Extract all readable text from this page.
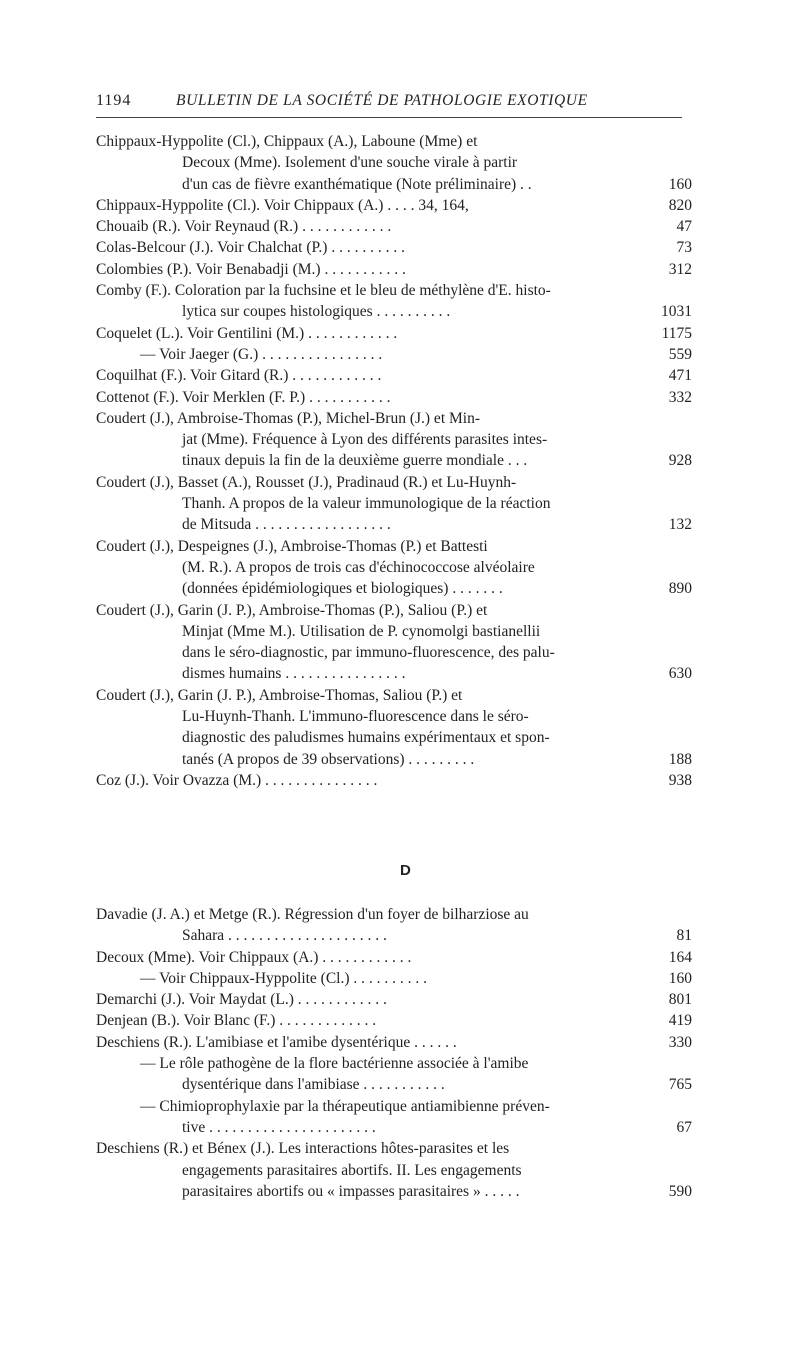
1194	BULLETIN DE LA SOCIÉTÉ DE PATHOLOGIE EXOTIQUE
Chippaux-Hyppolite (Cl.), Chippaux (A.), Laboune (Mme) et
Decoux (Mme). Isolement d'une souche virale à partir
d'un cas de fièvre exanthématique (Note préliminaire) . .	160
Chippaux-Hyppolite (Cl.). Voir Chippaux (A.) . . . . 34, 164,	820
Chouaib (R.). Voir Reynaud (R.) . . . . . . . . . . . .	47
Colas-Belcour (J.). Voir Chalchat (P.) . . . . . . . . . .	73
Colombies (P.). Voir Benabadji (M.) . . . . . . . . . . .	312
Comby (F.). Coloration par la fuchsine et le bleu de méthylène d'E. histo-
lytica sur coupes histologiques . . . . . . . . . .	1031
Coquelet (L.). Voir Gentilini (M.) . . . . . . . . . . . .	1175
— Voir Jaeger (G.) . . . . . . . . . . . . . . . .	559
Coquilhat (F.). Voir Gitard (R.) . . . . . . . . . . . .	471
Cottenot (F.). Voir Merklen (F. P.) . . . . . . . . . . .	332
Coudert (J.), Ambroise-Thomas (P.), Michel-Brun (J.) et Min-
jat (Mme). Fréquence à Lyon des différents parasites intes-
tinaux depuis la fin de la deuxième guerre mondiale . . .	928
Coudert (J.), Basset (A.), Rousset (J.), Pradinaud (R.) et Lu-Huynh-
Thanh. A propos de la valeur immunologique de la réaction
de Mitsuda . . . . . . . . . . . . . . . . . .	132
Coudert (J.), Despeignes (J.), Ambroise-Thomas (P.) et Battesti
(M. R.). A propos de trois cas d'échinococcose alvéolaire
(données épidémiologiques et biologiques) . . . . . . .	890
Coudert (J.), Garin (J. P.), Ambroise-Thomas (P.), Saliou (P.) et
Minjat (Mme M.). Utilisation de P. cynomolgi bastianellii
dans le séro-diagnostic, par immuno-fluorescence, des palu-
dismes humains . . . . . . . . . . . . . . . .	630
Coudert (J.), Garin (J. P.), Ambroise-Thomas, Saliou (P.) et
Lu-Huynh-Thanh. L'immuno-fluorescence dans le séro-
diagnostic des paludismes humains expérimentaux et spon-
tanés (A propos de 39 observations) . . . . . . . . .	188
Coz (J.). Voir Ovazza (M.) . . . . . . . . . . . . . . .	938
D
Davadie (J. A.) et Metge (R.). Régression d'un foyer de bilharziose au
Sahara . . . . . . . . . . . . . . . . . . . . .	81
Decoux (Mme). Voir Chippaux (A.) . . . . . . . . . . . .	164
— Voir Chippaux-Hyppolite (Cl.) . . . . . . . . . .	160
Demarchi (J.). Voir Maydat (L.) . . . . . . . . . . . .	801
Denjean (B.). Voir Blanc (F.) . . . . . . . . . . . . .	419
Deschiens (R.). L'amibiase et l'amibe dysentérique . . . . . .	330
— Le rôle pathogène de la flore bactérienne associée à l'amibe
dysentérique dans l'amibiase . . . . . . . . . . .	765
— Chimioprophylaxie par la thérapeutique antiamibienne préven-
tive . . . . . . . . . . . . . . . . . . . . . .	67
Deschiens (R.) et Bénex (J.). Les interactions hôtes-parasites et les
engagements parasitaires abortifs. II. Les engagements
parasitaires abortifs ou « impasses parasitaires » . . . . .	590
